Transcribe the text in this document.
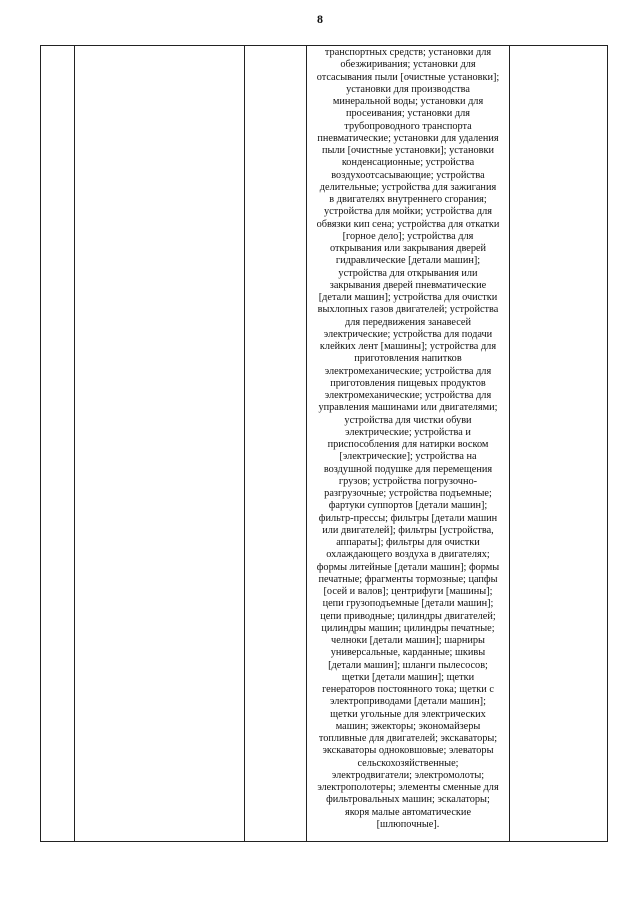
8
транспортных средств; установки для
обезжиривания; установки для
отсасывания пыли [очистные установки];
установки для производства
минеральной воды; установки для
просеивания; установки для
трубопроводного транспорта
пневматические; установки для удаления
пыли [очистные установки]; установки
конденсационные; устройства
воздухоотсасывающие; устройства
делительные; устройства для зажигания
в двигателях внутреннего сгорания;
устройства для мойки; устройства для
обвязки кип сена; устройства для откатки
[горное дело]; устройства для
открывания или закрывания дверей
гидравлические [детали машин];
устройства для открывания или
закрывания дверей пневматические
[детали машин]; устройства для очистки
выхлопных газов двигателей; устройства
для передвижения занавесей
электрические; устройства для подачи
клейких лент [машины]; устройства для
приготовления напитков
электромеханические; устройства для
приготовления пищевых продуктов
электромеханические; устройства для
управления машинами или двигателями;
устройства для чистки обуви
электрические; устройства и
приспособления для натирки воском
[электрические]; устройства на
воздушной подушке для перемещения
грузов; устройства погрузочно-
разгрузочные; устройства подъемные;
фартуки суппортов [детали машин];
фильтр-прессы; фильтры [детали машин
или двигателей]; фильтры [устройства,
аппараты]; фильтры для очистки
охлаждающего воздуха в двигателях;
формы литейные [детали машин]; формы
печатные; фрагменты тормозные; цапфы
[осей и валов]; центрифуги [машины];
цепи грузоподъемные [детали машин];
цепи приводные; цилиндры двигателей;
цилиндры машин; цилиндры печатные;
челноки [детали машин]; шарниры
универсальные, карданные; шкивы
[детали машин]; шланги пылесосов;
щетки [детали машин]; щетки
генераторов постоянного тока; щетки с
электроприводами [детали машин];
щетки угольные для электрических
машин; эжекторы; экономайзеры
топливные для двигателей; экскаваторы;
экскаваторы одноковшовые; элеваторы
сельскохозяйственные;
электродвигатели; электромолоты;
электрополотеры; элементы сменные для
фильтровальных машин; эскалаторы;
якоря малые автоматические
[шлюпочные].
